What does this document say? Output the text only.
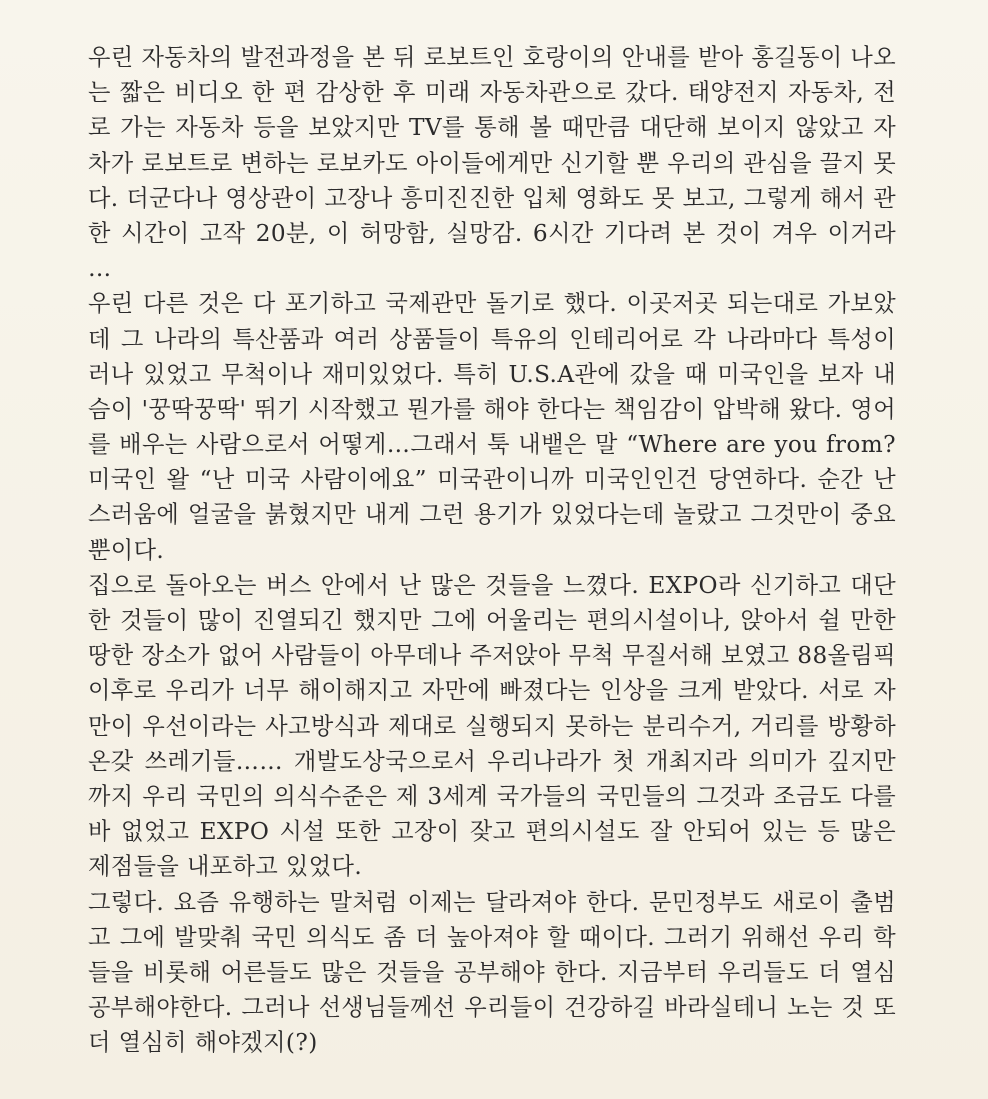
우린 자동차의 발전과정을 본 뒤 로보트인 호랑이의 안내를 받아 홍길동이 나오
는 짧은 비디오 한 편 감상한 후 미래 자동차관으로 갔다. 태양전지 자동차, 전
로 가는 자동차 등을 보았지만 TV를 통해 볼 때만큼 대단해 보이지 않았고 자
차가 로보트로 변하는 로보카도 아이들에게만 신기할 뿐 우리의 관심을 끌지 못
다. 더군다나 영상관이 고장나 흥미진진한 입체 영화도 못 보고, 그렇게 해서 관
한 시간이 고작 20분, 이 허망함, 실망감. 6시간 기다려 본 것이 겨우 이거라
…
우린 다른 것은 다 포기하고 국제관만 돌기로 했다. 이곳저곳 되는대로 가보았
데 그 나라의 특산품과 여러 상품들이 특유의 인테리어로 각 나라마다 특성이
러나 있었고 무척이나 재미있었다. 특히 U.S.A관에 갔을 때 미국인을 보자 내
슴이 '꿍딱꿍딱' 뛰기 시작했고 뭔가를 해야 한다는 책임감이 압박해 왔다. 영어
를 배우는 사람으로서 어떻게…그래서 툭 내뱉은 말 “Where are you from?
미국인 왈 “난 미국 사람이에요” 미국관이니까 미국인인건 당연하다. 순간 난
스러움에 얼굴을 붉혔지만 내게 그런 용기가 있었다는데 놀랐고 그것만이 중요
뿐이다.
집으로 돌아오는 버스 안에서 난 많은 것들을 느꼈다. EXPO라 신기하고 대단
한 것들이 많이 진열되긴 했지만 그에 어울리는 편의시설이나, 앉아서 쉴 만한
땅한 장소가 없어 사람들이 아무데나 주저앉아 무척 무질서해 보였고 88올림픽
이후로 우리가 너무 해이해지고 자만에 빠졌다는 인상을 크게 받았다. 서로 자
만이 우선이라는 사고방식과 제대로 실행되지 못하는 분리수거, 거리를 방황하
온갖 쓰레기들…… 개발도상국으로서 우리나라가 첫 개최지라 의미가 깊지만
까지 우리 국민의 의식수준은 제 3세계 국가들의 국민들의 그것과 조금도 다를
바 없었고 EXPO 시설 또한 고장이 잦고 편의시설도 잘 안되어 있는 등 많은
제점들을 내포하고 있었다.
그렇다. 요즘 유행하는 말처럼 이제는 달라져야 한다. 문민정부도 새로이 출범
고 그에 발맞춰 국민 의식도 좀 더 높아져야 할 때이다. 그러기 위해선 우리 학
들을 비롯해 어른들도 많은 것들을 공부해야 한다. 지금부터 우리들도 더 열심
공부해야한다. 그러나 선생님들께선 우리들이 건강하길 바라실테니 노는 것 또
더 열심히 해야겠지(?)
